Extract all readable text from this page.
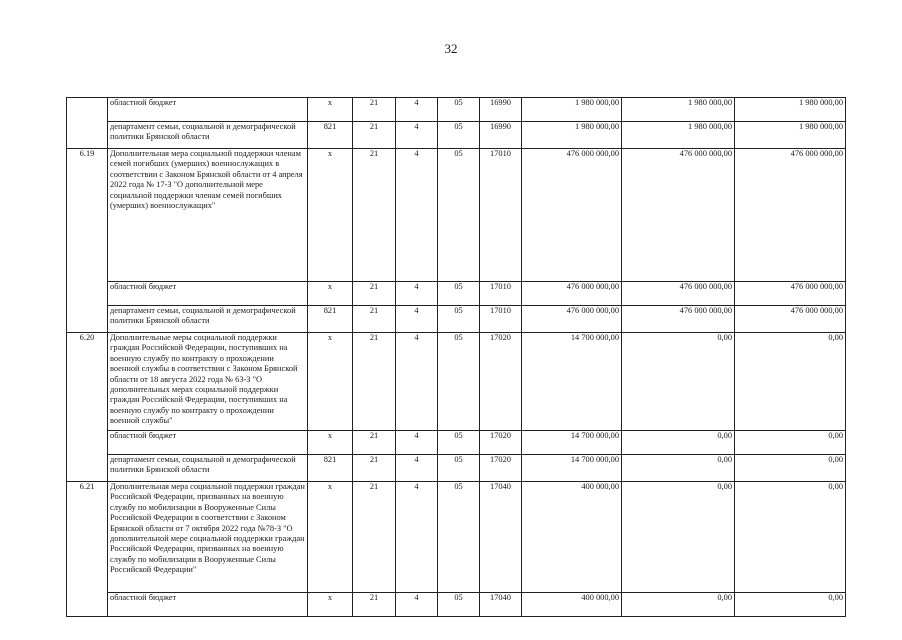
32
	областной бюджет	х	21	4	05	16990	1 980 000,00	1 980 000,00	1 980 000,00
	департамент семьи, социальной и демографической политики Брянской области	821	21	4	05	16990	1 980 000,00	1 980 000,00	1 980 000,00
6.19	Дополнительная мера социальной поддержки членам семей погибших (умерших) военнослужащих в соответствии с Законом Брянской области от 4 апреля 2022 года № 17-З "О дополнительной мере социальной поддержки членам семей погибших (умерших) военнослужащих"	х	21	4	05	17010	476 000 000,00	476 000 000,00	476 000 000,00
	областной бюджет	х	21	4	05	17010	476 000 000,00	476 000 000,00	476 000 000,00
	департамент семьи, социальной и демографической политики Брянской области	821	21	4	05	17010	476 000 000,00	476 000 000,00	476 000 000,00
6.20	Дополнительные меры социальной поддержки граждан Российской Федерации, поступивших на военную службу по контракту о прохождении военной службы в соответствии с Законом Брянской области от 18 августа 2022 года № 63-З "О дополнительных мерах социальной поддержки граждан Российской Федерации, поступивших на военную службу по контракту о прохождении военной службы"	х	21	4	05	17020	14 700 000,00	0,00	0,00
	областной бюджет	х	21	4	05	17020	14 700 000,00	0,00	0,00
	департамент семьи, социальной и демографической политики Брянской области	821	21	4	05	17020	14 700 000,00	0,00	0,00
6.21	Дополнительная мера социальной поддержки граждан Российской Федерации, призванных на военную службу по мобилизации в Вооруженные Силы Российской Федерации в соответствии с Законом Брянской области от 7 октября 2022 года №78-З "О дополнительной мере социальной поддержки граждан Российской Федерации, призванных на военную службу по мобилизации в Вооруженные Силы Российской Федерации"	х	21	4	05	17040	400 000,00	0,00	0,00
	областной бюджет	х	21	4	05	17040	400 000,00	0,00	0,00
